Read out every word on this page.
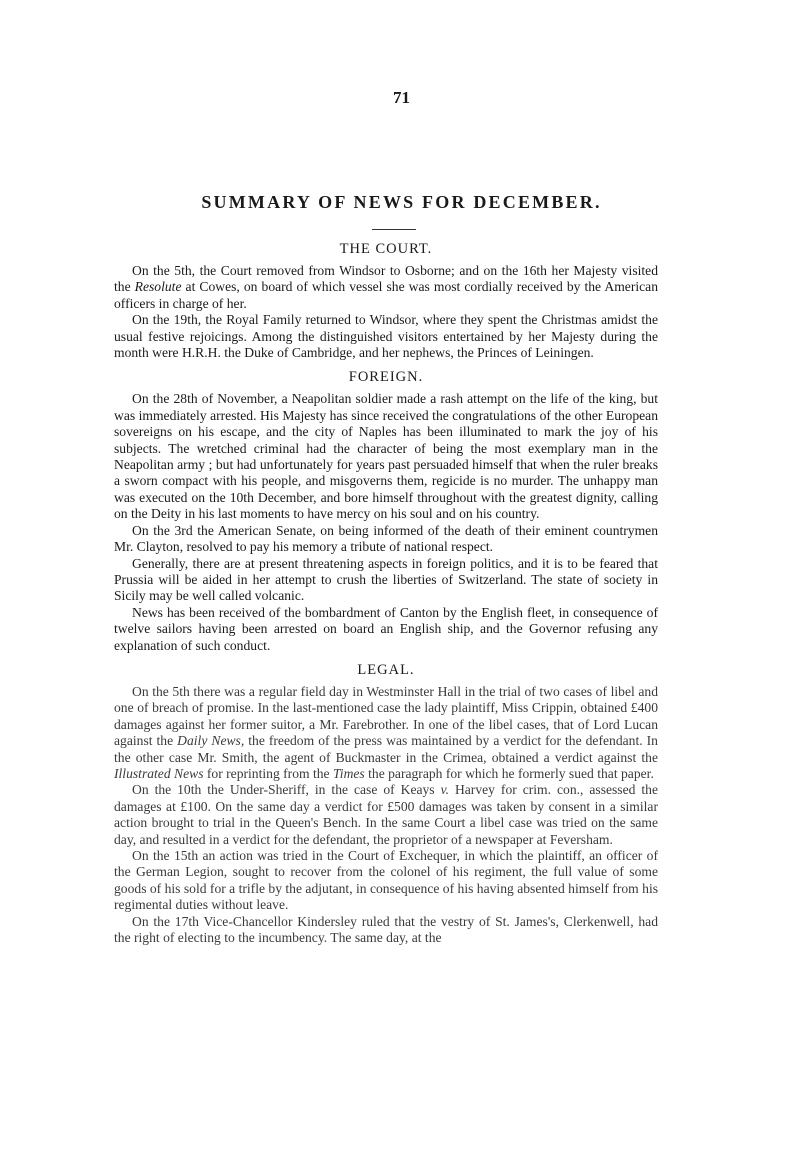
71
SUMMARY OF NEWS FOR DECEMBER.
THE COURT.

On the 5th, the Court removed from Windsor to Osborne; and on the 16th her Majesty visited the Resolute at Cowes, on board of which vessel she was most cordially received by the American officers in charge of her.

On the 19th, the Royal Family returned to Windsor, where they spent the Christmas amidst the usual festive rejoicings. Among the distinguished visitors entertained by her Majesty during the month were H.R.H. the Duke of Cambridge, and her nephews, the Princes of Leiningen.

FOREIGN.

On the 28th of November, a Neapolitan soldier made a rash attempt on the life of the king, but was immediately arrested. His Majesty has since received the congratulations of the other European sovereigns on his escape, and the city of Naples has been illuminated to mark the joy of his subjects. The wretched criminal had the character of being the most exemplary man in the Neapolitan army ; but had unfortunately for years past persuaded himself that when the ruler breaks a sworn compact with his people, and misgoverns them, regicide is no murder. The unhappy man was executed on the 10th December, and bore himself throughout with the greatest dignity, calling on the Deity in his last moments to have mercy on his soul and on his country.

On the 3rd the American Senate, on being informed of the death of their eminent countrymen Mr. Clayton, resolved to pay his memory a tribute of national respect.

Generally, there are at present threatening aspects in foreign politics, and it is to be feared that Prussia will be aided in her attempt to crush the liberties of Switzerland. The state of society in Sicily may be well called volcanic.

News has been received of the bombardment of Canton by the English fleet, in consequence of twelve sailors having been arrested on board an English ship, and the Governor refusing any explanation of such conduct.

LEGAL.

On the 5th there was a regular field day in Westminster Hall in the trial of two cases of libel and one of breach of promise. In the last-mentioned case the lady plaintiff, Miss Crippin, obtained £400 damages against her former suitor, a Mr. Farebrother. In one of the libel cases, that of Lord Lucan against the Daily News, the freedom of the press was maintained by a verdict for the defendant. In the other case Mr. Smith, the agent of Buckmaster in the Crimea, obtained a verdict against the Illustrated News for reprinting from the Times the paragraph for which he formerly sued that paper.

On the 10th the Under-Sheriff, in the case of Keays v. Harvey for crim. con., assessed the damages at £100. On the same day a verdict for £500 damages was taken by consent in a similar action brought to trial in the Queen's Bench. In the same Court a libel case was tried on the same day, and resulted in a verdict for the defendant, the proprietor of a newspaper at Feversham.

On the 15th an action was tried in the Court of Exchequer, in which the plaintiff, an officer of the German Legion, sought to recover from the colonel of his regiment, the full value of some goods of his sold for a trifle by the adjutant, in consequence of his having absented himself from his regimental duties without leave.

On the 17th Vice-Chancellor Kindersley ruled that the vestry of St. James's, Clerkenwell, had the right of electing to the incumbency. The same day, at the
